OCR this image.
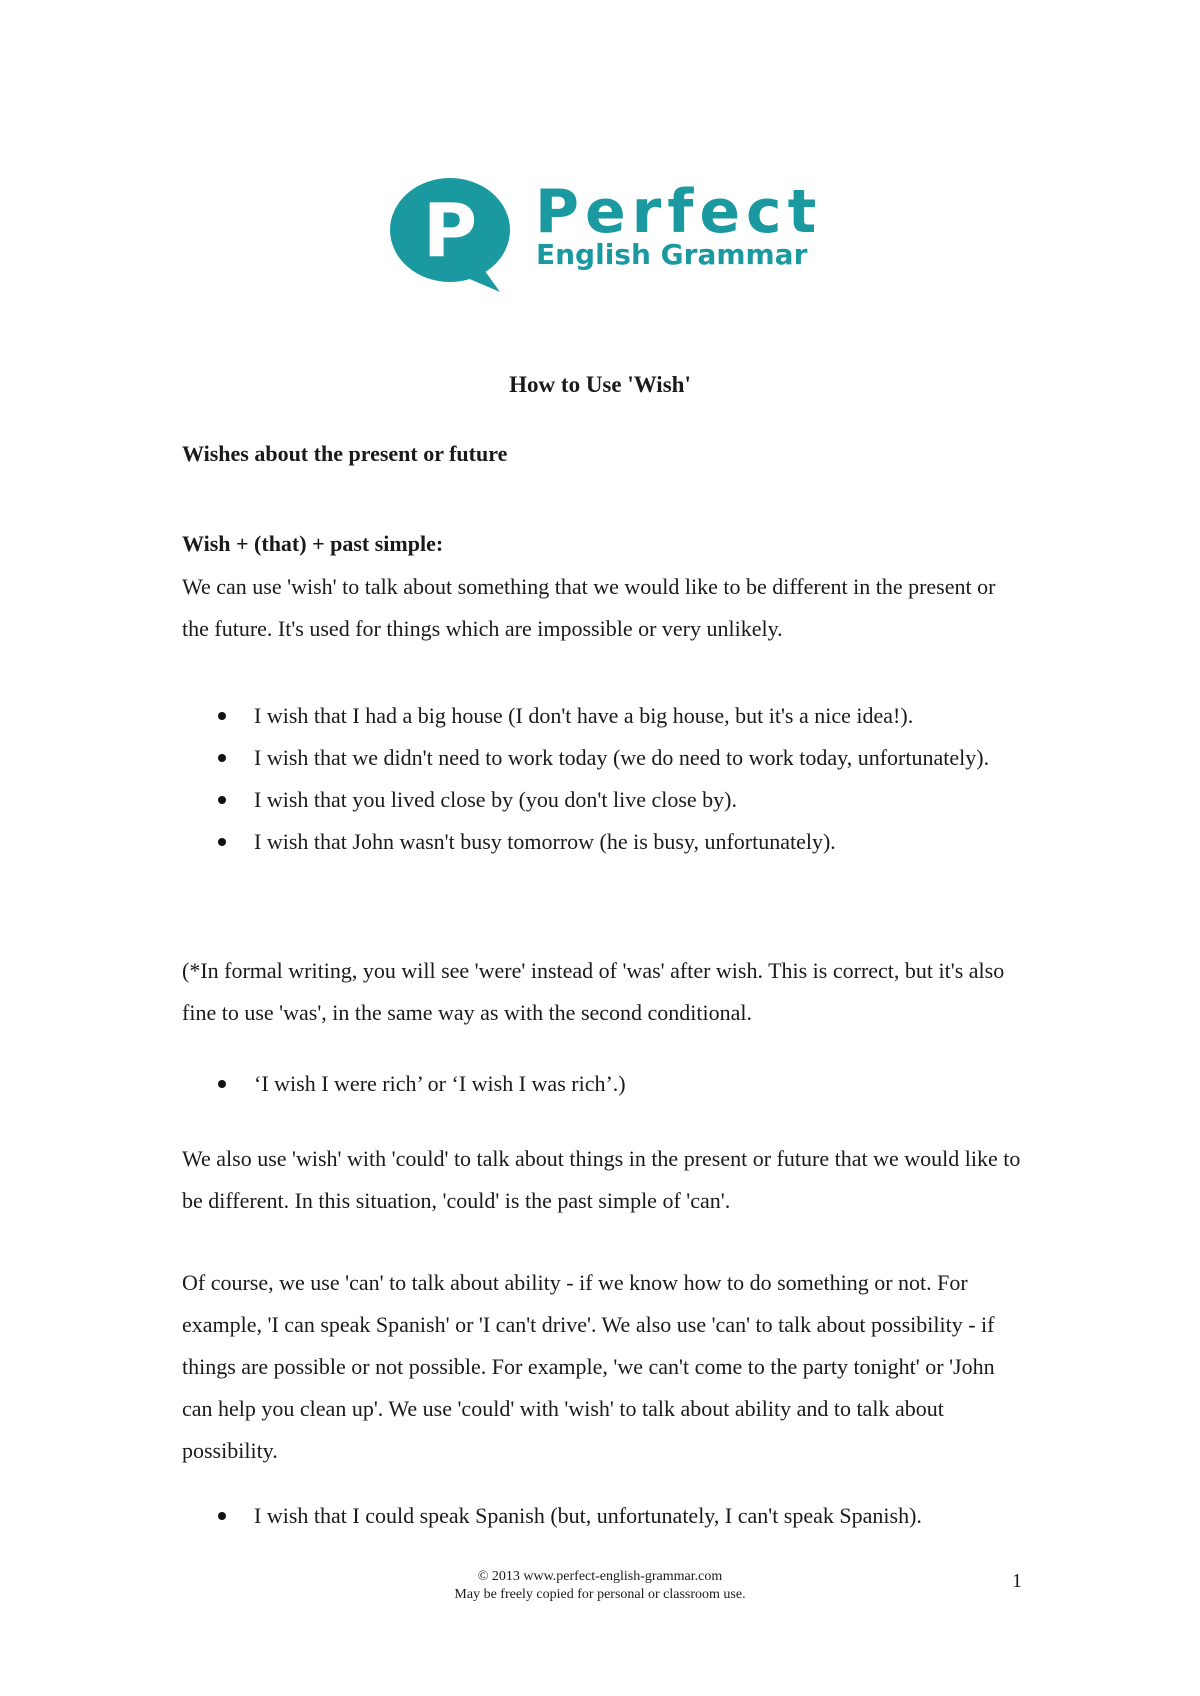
P Perfect
English Grammar
How to Use 'Wish'
Wishes about the present or future
Wish + (that) + past simple:

We can use 'wish' to talk about something that we would like to be different in the present or the future. It's used for things which are impossible or very unlikely.

I wish that I had a big house (I don't have a big house, but it's a nice idea!).
I wish that we didn't need to work today (we do need to work today, unfortunately).
I wish that you lived close by (you don't live close by).
I wish that John wasn't busy tomorrow (he is busy, unfortunately).

(*In formal writing, you will see 'were' instead of 'was' after wish. This is correct, but it's also fine to use 'was', in the same way as with the second conditional.

‘I wish I were rich’ or ‘I wish I was rich’.)

We also use 'wish' with 'could' to talk about things in the present or future that we would like to be different. In this situation, 'could' is the past simple of 'can'.

Of course, we use 'can' to talk about ability - if we know how to do something or not. For example, 'I can speak Spanish' or 'I can't drive'. We also use 'can' to talk about possibility - if things are possible or not possible. For example, 'we can't come to the party tonight' or 'John can help you clean up'. We use 'could' with 'wish' to talk about ability and to talk about possibility.

I wish that I could speak Spanish (but, unfortunately, I can't speak Spanish).
© 2013 www.perfect-english-grammar.com
May be freely copied for personal or classroom use.
1
